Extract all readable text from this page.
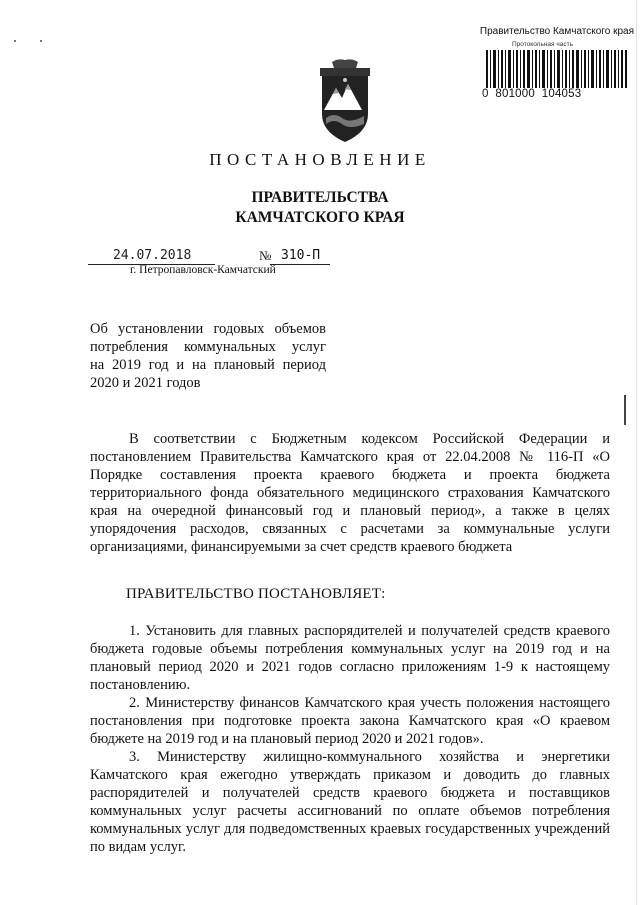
Правительство Камчатского края
Протокольная часть
0  801000  104053
ПОСТАНОВЛЕНИЕ
ПРАВИТЕЛЬСТВА
КАМЧАТСКОГО КРАЯ
24.07.2018	№ 310-П
г. Петропавловск-Камчатский
Об установлении годовых объемов
потребления коммунальных услуг
на 2019 год и на плановый период
2020 и 2021 годов

В соответствии с Бюджетным кодексом Российской Федерации и постановлением Правительства Камчатского края от 22.04.2008 № 116-П «О Порядке составления проекта краевого бюджета и проекта бюджета территориального фонда обязательного медицинского страхования Камчатского края на очередной финансовый год и плановый период», а также в целях упорядочения расходов, связанных с расчетами за коммунальные услуги организациями, финансируемыми за счет средств краевого бюджета

ПРАВИТЕЛЬСТВО ПОСТАНОВЛЯЕТ:

1. Установить для главных распорядителей и получателей средств краевого бюджета годовые объемы потребления коммунальных услуг на 2019 год и на плановый период 2020 и 2021 годов согласно приложениям 1-9 к настоящему постановлению.

2. Министерству финансов Камчатского края учесть положения настоящего постановления при подготовке проекта закона Камчатского края «О краевом бюджете на 2019 год и на плановый период 2020 и 2021 годов».

3. Министерству жилищно-коммунального хозяйства и энергетики Камчатского края ежегодно утверждать приказом и доводить до главных распорядителей и получателей средств краевого бюджета и поставщиков коммунальных услуг расчеты ассигнований по оплате объемов потребления коммунальных услуг для подведомственных краевых государственных учреждений по видам услуг.
